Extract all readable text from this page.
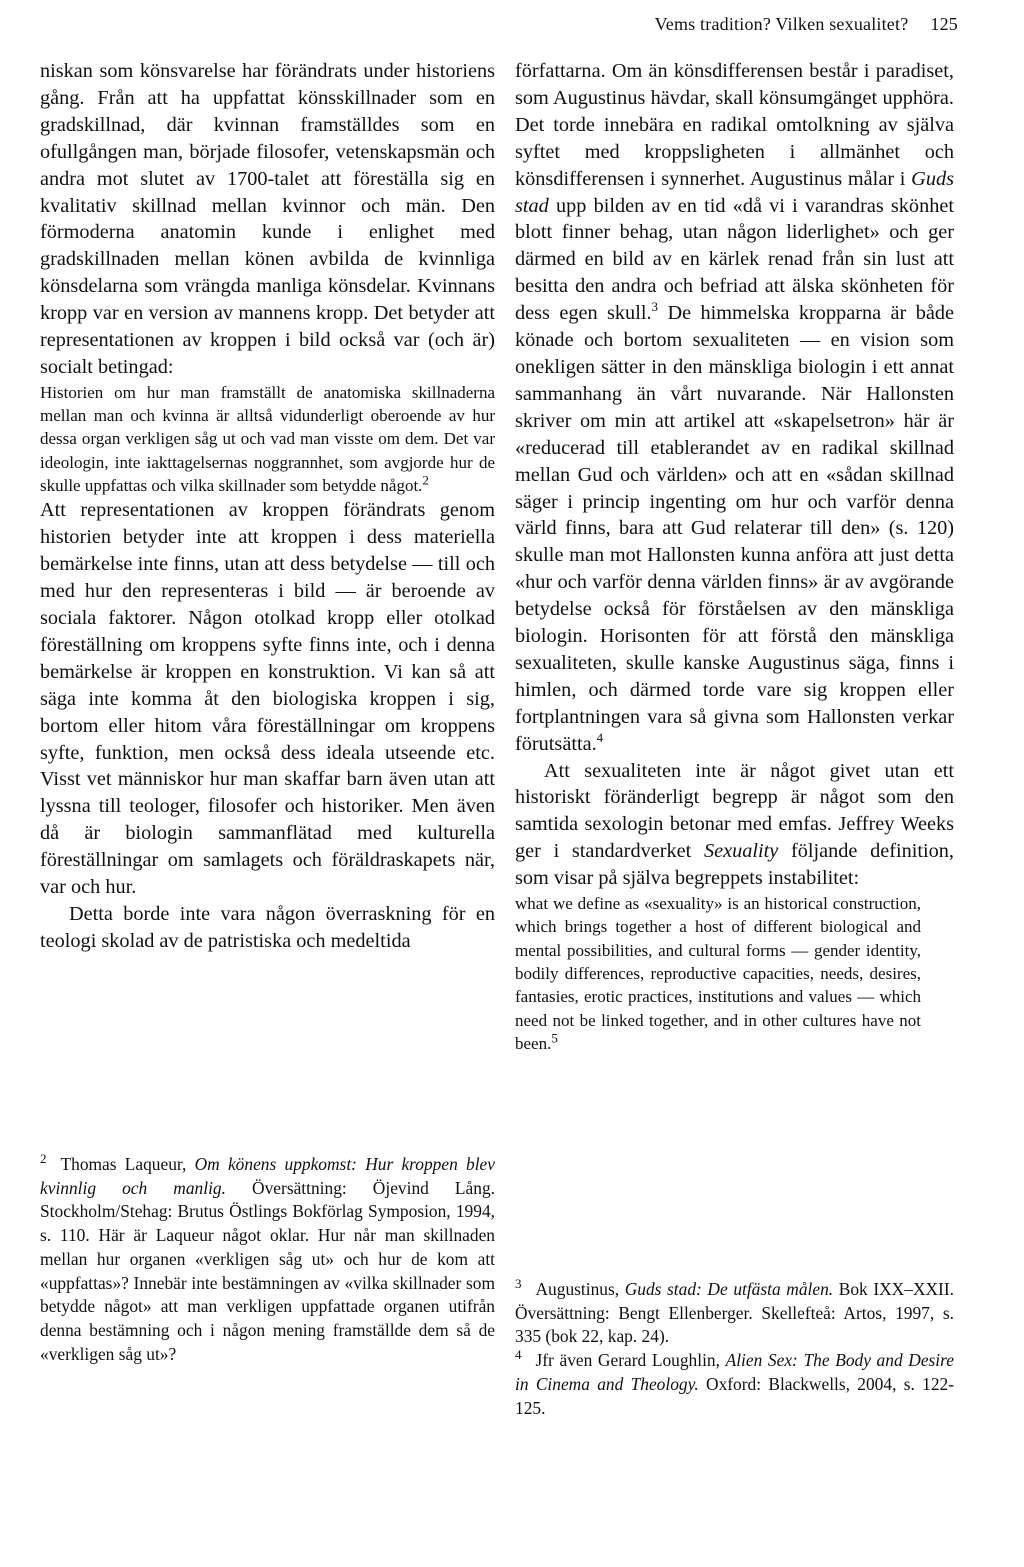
Vems tradition? Vilken sexualitet? 125

niskan som könsvarelse har förändrats under historiens gång. Från att ha uppfattat könsskillnader som en gradskillnad, där kvinnan framställdes som en ofullgången man, började filosofer, vetenskapsmän och andra mot slutet av 1700-talet att föreställa sig en kvalitativ skillnad mellan kvinnor och män. Den förmoderna anatomin kunde i enlighet med gradskillnaden mellan könen avbilda de kvinnliga könsdelarna som vrängda manliga könsdelar. Kvinnans kropp var en version av mannens kropp. Det betyder att representationen av kroppen i bild också var (och är) socialt betingad:

Historien om hur man framställt de anatomiska skillnaderna mellan man och kvinna är alltså vidunderligt oberoende av hur dessa organ verkligen såg ut och vad man visste om dem. Det var ideologin, inte iakttagelsernas noggrannhet, som avgjorde hur de skulle uppfattas och vilka skillnader som betydde något.$^2$

Att representationen av kroppen förändrats genom historien betyder inte att kroppen i dess materiella bemärkelse inte finns, utan att dess betydelse — till och med hur den representeras i bild — är beroende av sociala faktorer. Någon otolkad kropp eller otolkad föreställning om kroppens syfte finns inte, och i denna bemärkelse är kroppen en konstruktion. Vi kan så att säga inte komma åt den biologiska kroppen i sig, bortom eller hitom våra föreställningar om kroppens syfte, funktion, men också dess ideala utseende etc. Visst vet människor hur man skaffar barn även utan att lyssna till teologer, filosofer och historiker. Men även då är biologin sammanflätad med kulturella föreställningar om samlagets och föräldraskapets när, var och hur.

Detta borde inte vara någon överraskning för en teologi skolad av de patristiska och medeltida

författarna. Om än könsdifferensen består i paradiset, som Augustinus hävdar, skall könsumgänget upphöra. Det torde innebära en radikal omtolkning av själva syftet med kroppsligheten i allmänhet och könsdifferensen i synnerhet. Augustinus målar i Guds stad upp bilden av en tid «då vi i varandras skönhet blott finner behag, utan någon liderlighet» och ger därmed en bild av en kärlek renad från sin lust att besitta den andra och befriad att älska skönheten för dess egen skull.$^3$ De himmelska kropparna är både könade och bortom sexualiteten — en vision som onekligen sätter in den mänskliga biologin i ett annat sammanhang än vårt nuvarande. När Hallonsten skriver om min att artikel att «skapelsetron» här är «reducerad till etablerandet av en radikal skillnad mellan Gud och världen» och att en «sådan skillnad säger i princip ingenting om hur och varför denna värld finns, bara att Gud relaterar till den» (s. 120) skulle man mot Hallonsten kunna anföra att just detta «hur och varför denna världen finns» är av avgörande betydelse också för förståelsen av den mänskliga biologin. Horisonten för att förstå den mänskliga sexualiteten, skulle kanske Augustinus säga, finns i himlen, och därmed torde vare sig kroppen eller fortplantningen vara så givna som Hallonsten verkar förutsätta.$^4$

Att sexualiteten inte är något givet utan ett historiskt föränderligt begrepp är något som den samtida sexologin betonar med emfas. Jeffrey Weeks ger i standardverket Sexuality följande definition, som visar på själva begreppets instabilitet:

what we define as «sexuality» is an historical construction, which brings together a host of different biological and mental possibilities, and cultural forms — gender identity, bodily differences, reproductive capacities, needs, desires, fantasies, erotic practices, institutions and values — which need not be linked together, and in other cultures have not been.$^5$

$^2$ Thomas Laqueur, Om könens uppkomst: Hur kroppen blev kvinnlig och manlig. Översättning: Öjevind Lång. Stockholm/Stehag: Brutus Östlings Bokförlag Symposion, 1994, s. 110. Här är Laqueur något oklar. Hur når man skillnaden mellan hur organen «verkligen såg ut» och hur de kom att «uppfattas»? Innebär inte bestämningen av «vilka skillnader som betydde något» att man verkligen uppfattade organen utifrån denna bestämning och i någon mening framställde dem så de «verkligen såg ut»?

$^3$ Augustinus, Guds stad: De utfästa målen. Bok IXX–XXII. Översättning: Bengt Ellenberger. Skellefteå: Artos, 1997, s. 335 (bok 22, kap. 24).

$^4$ Jfr även Gerard Loughlin, Alien Sex: The Body and Desire in Cinema and Theology. Oxford: Blackwells, 2004, s. 122-125.
